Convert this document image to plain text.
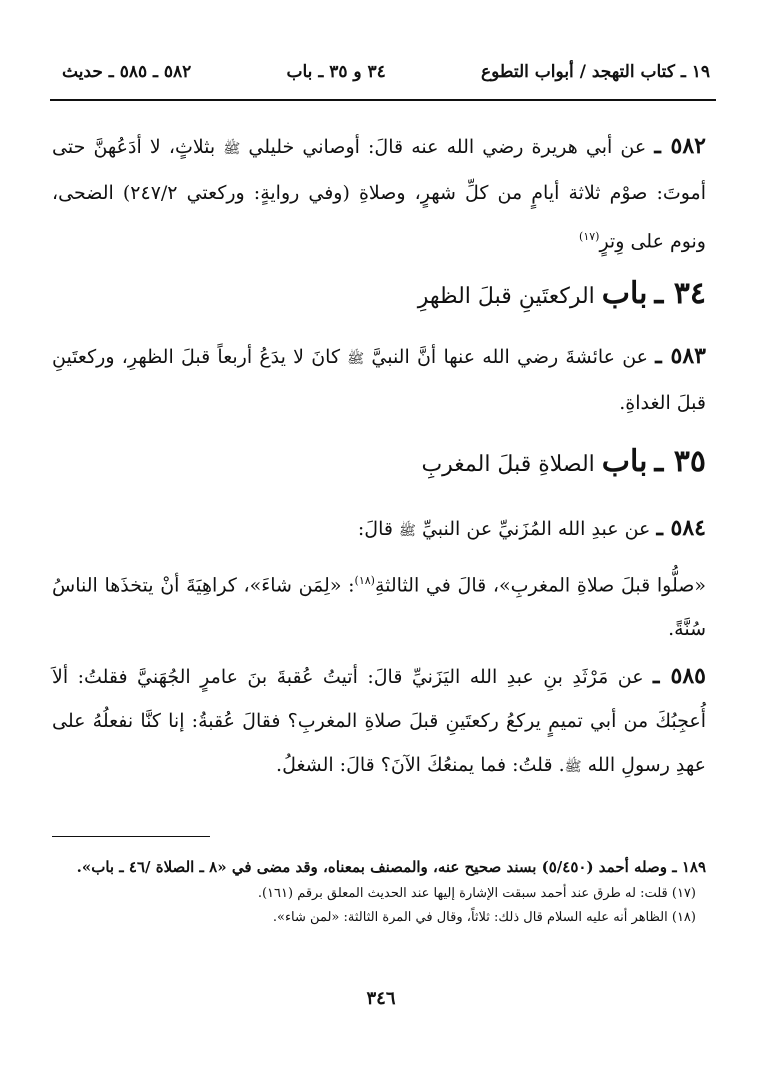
١٩ ـ كتاب التهجد / أبواب التطوع
٣٤ و ٣٥ ـ باب
٥٨٢ ـ ٥٨٥ ـ حديث

٥٨٢ ـ عن أبي هريرة رضي الله عنه قالَ: أوصاني خليلي ﷺ بثلاثٍ، لا أدَعُهنَّ حتى أموتَ: صوْم ثلاثة أيامٍ من كلِّ شهرٍ، وصلاةِ (وفي روايةٍ: وركعتي ٢٤٧/٢) الضحى، ونوم على وِترٍ$^{(١٧)}$

٣٤ ـ باب الركعتَينِ قبلَ الظهرِ

٥٨٣ ـ عن عائشةَ رضي الله عنها أنَّ النبيَّ ﷺ كانَ لا يدَعُ أربعاً قبلَ الظهرِ، وركعتَينِ قبلَ الغداةِ.

٣٥ ـ باب الصلاةِ قبلَ المغربِ

٥٨٤ ـ عن عبدِ الله المُزَنيِّ عن النبيِّ ﷺ قالَ:

«صلُّوا قبلَ صلاةِ المغربِ»، قالَ في الثالثةِ$^{(١٨)}$: «لِمَن شاءَ»، كراهِيَةَ أنْ يتخذَها الناسُ سُنَّةً.

٥٨٥ ـ عن مَرْثَدِ بنِ عبدِ الله اليَزَنيِّ قالَ: أتيتُ عُقبةَ بنَ عامرٍ الجُهَنيَّ فقلتُ: ألاَ أُعجِبُكَ من أبي تميمٍ يركعُ ركعتَينِ قبلَ صلاةِ المغربِ؟ فقالَ عُقبةُ: إنا كنَّا نفعلُهُ على عهدِ رسولِ الله ﷺ. قلتُ: فما يمنعُكَ الآنَ؟ قالَ: الشغلُ.

١٨٩ ـ وصله أحمد (٥/٤٥٠) بسند صحيح عنه، والمصنف بمعناه، وقد مضى في «٨ ـ الصلاة /٤٦ ـ باب».

(١٧) قلت: له طرق عند أحمد سبقت الإشارة إليها عند الحديث المعلق برقم (١٦١).

(١٨) الظاهر أنه عليه السلام قال ذلك: ثلاثاً، وقال في المرة الثالثة: «لمن شاء».

٣٤٦
